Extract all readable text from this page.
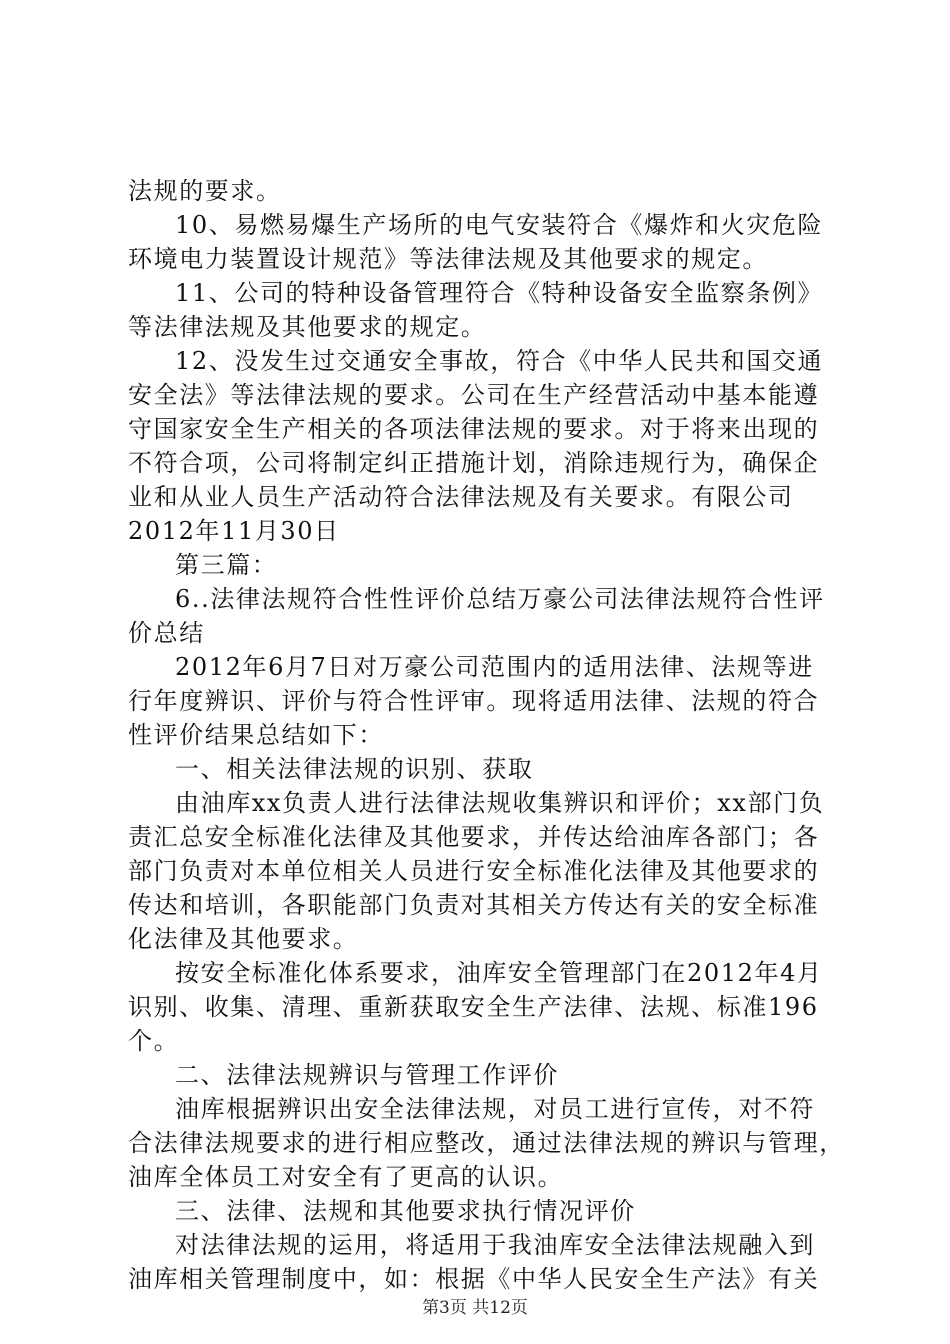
法规的要求。
10、易燃易爆生产场所的电气安装符合《爆炸和火灾危险
环境电力装置设计规范》等法律法规及其他要求的规定。
11、公司的特种设备管理符合《特种设备安全监察条例》
等法律法规及其他要求的规定。
12、没发生过交通安全事故，符合《中华人民共和国交通
安全法》等法律法规的要求。公司在生产经营活动中基本能遵
守国家安全生产相关的各项法律法规的要求。对于将来出现的
不符合项，公司将制定纠正措施计划，消除违规行为，确保企
业和从业人员生产活动符合法律法规及有关要求。有限公司
2012年11月30日
第三篇：
6..法律法规符合性性评价总结万豪公司法律法规符合性评
价总结
2012年6月7日对万豪公司范围内的适用法律、法规等进
行年度辨识、评价与符合性评审。现将适用法律、法规的符合
性评价结果总结如下：
一、相关法律法规的识别、获取
由油库xx负责人进行法律法规收集辨识和评价；xx部门负
责汇总安全标准化法律及其他要求，并传达给油库各部门；各
部门负责对本单位相关人员进行安全标准化法律及其他要求的
传达和培训，各职能部门负责对其相关方传达有关的安全标准
化法律及其他要求。
按安全标准化体系要求，油库安全管理部门在2012年4月
识别、收集、清理、重新获取安全生产法律、法规、标准196
个。
二、法律法规辨识与管理工作评价
油库根据辨识出安全法律法规，对员工进行宣传，对不符
合法律法规要求的进行相应整改，通过法律法规的辨识与管理，
油库全体员工对安全有了更高的认识。
三、法律、法规和其他要求执行情况评价
对法律法规的运用，将适用于我油库安全法律法规融入到
油库相关管理制度中，如：根据《中华人民安全生产法》有关
第3页 共12页
